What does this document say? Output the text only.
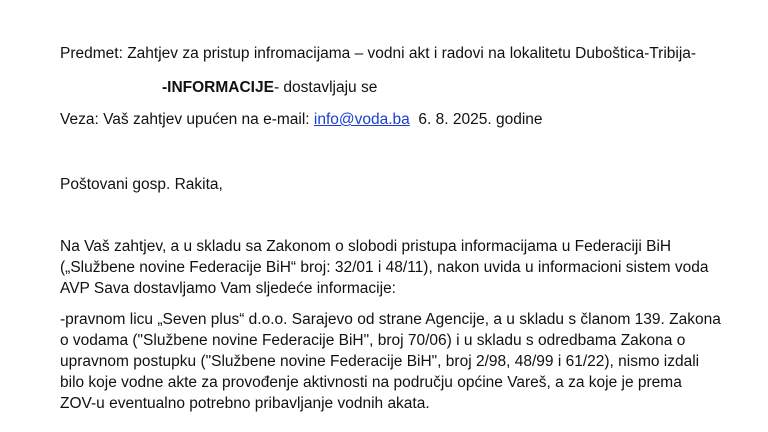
Predmet: Zahtjev za pristup infromacijama – vodni akt i radovi na lokalitetu Duboštica-Tribija-
-INFORMACIJE- dostavljaju se
Veza: Vaš zahtjev upućen na e-mail: info@voda.ba 6. 8. 2025. godine
Poštovani gosp. Rakita,
Na Vaš zahtjev, a u skladu sa Zakonom o slobodi pristupa informacijama u Federaciji BiH
(„Službene novine Federacije BiH“ broj: 32/01 i 48/11), nakon uvida u informacioni sistem voda
AVP Sava dostavljamo Vam sljedeće informacije:
-pravnom licu „Seven plus“ d.o.o. Sarajevo od strane Agencije, a u skladu s članom 139. Zakona
o vodama ("Službene novine Federacije BiH", broj 70/06) i u skladu s odredbama Zakona o
upravnom postupku ("Službene novine Federacije BiH", broj 2/98, 48/99 i 61/22), nismo izdali
bilo koje vodne akte za provođenje aktivnosti na području općine Vareš, a za koje je prema
ZOV-u eventualno potrebno pribavljanje vodnih akata.
